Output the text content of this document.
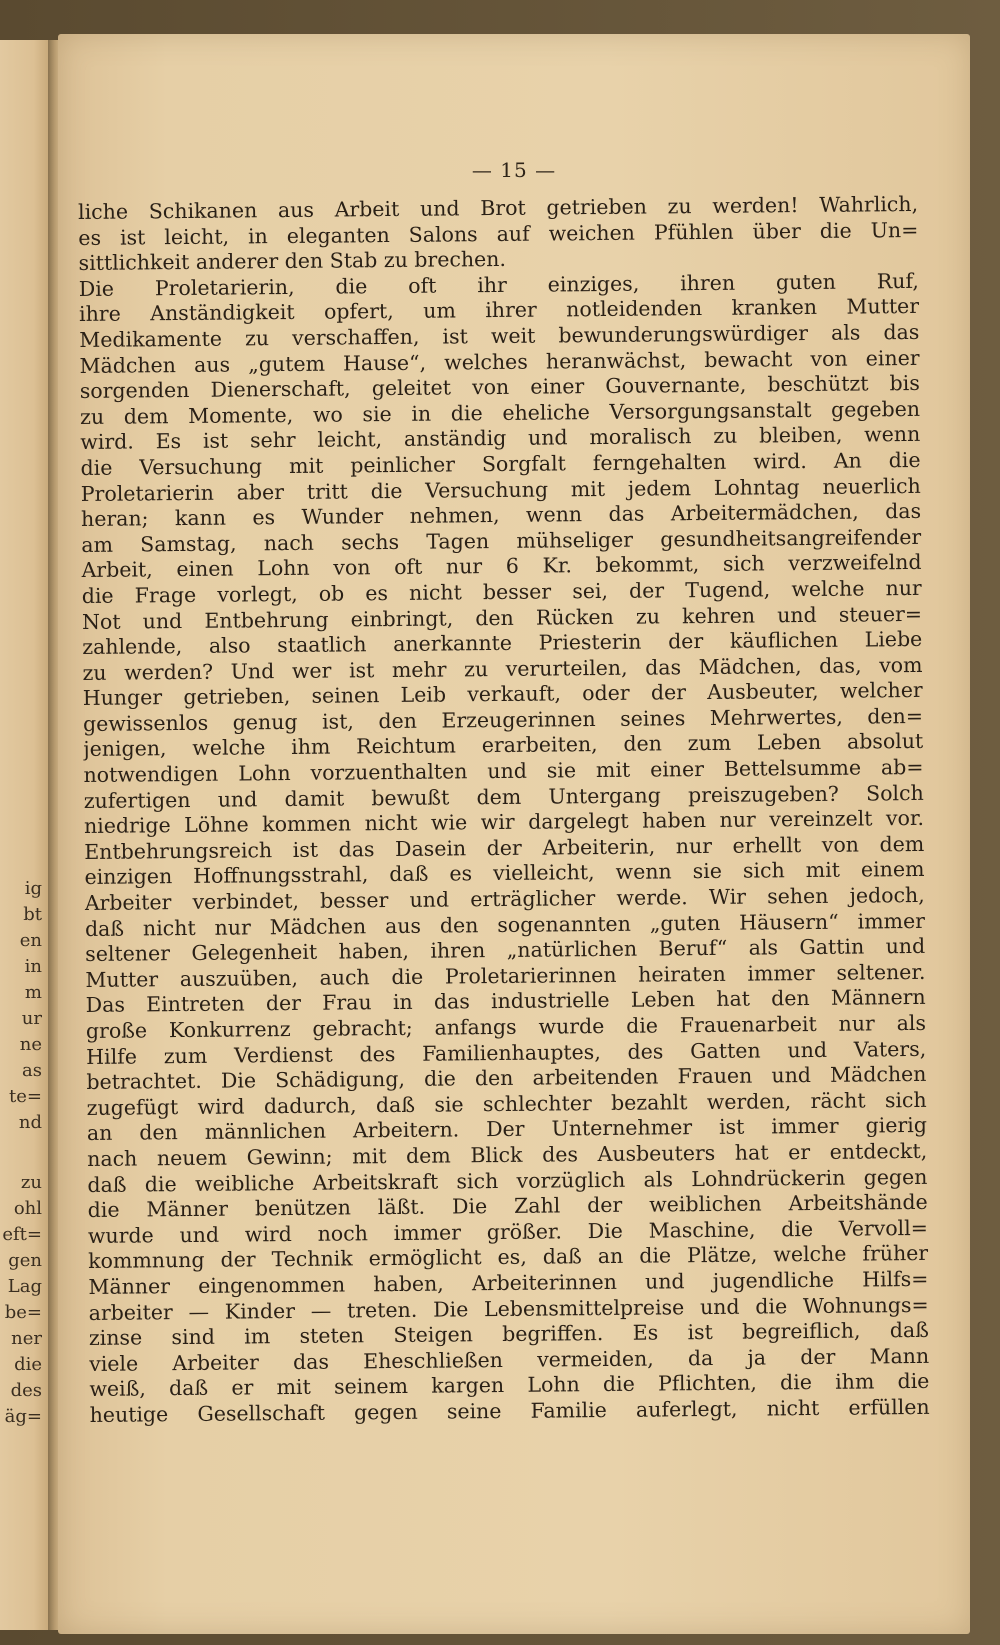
ig
bt
en
in
m
ur
ne
as
te=
nd
zu
ohl
eft=
gen
Lag
be=
ner
die
des
äg=
— 15 —
liche Schikanen aus Arbeit und Brot getrieben zu werden! Wahrlich,
es ist leicht, in eleganten Salons auf weichen Pfühlen über die Un=
sittlichkeit anderer den Stab zu brechen.
Die Proletarierin, die oft ihr einziges, ihren guten Ruf,
ihre Anständigkeit opfert, um ihrer notleidenden kranken Mutter
Medikamente zu verschaffen, ist weit bewunderungswürdiger als das
Mädchen aus „gutem Hause“, welches heranwächst, bewacht von einer
sorgenden Dienerschaft, geleitet von einer Gouvernante, beschützt bis
zu dem Momente, wo sie in die eheliche Versorgungsanstalt gegeben
wird. Es ist sehr leicht, anständig und moralisch zu bleiben, wenn
die Versuchung mit peinlicher Sorgfalt ferngehalten wird. An die
Proletarierin aber tritt die Versuchung mit jedem Lohntag neuerlich
heran; kann es Wunder nehmen, wenn das Arbeitermädchen, das
am Samstag, nach sechs Tagen mühseliger gesundheitsangreifender
Arbeit, einen Lohn von oft nur 6 Kr. bekommt, sich verzweifelnd
die Frage vorlegt, ob es nicht besser sei, der Tugend, welche nur
Not und Entbehrung einbringt, den Rücken zu kehren und steuer=
zahlende, also staatlich anerkannte Priesterin der käuflichen Liebe
zu werden? Und wer ist mehr zu verurteilen, das Mädchen, das, vom
Hunger getrieben, seinen Leib verkauft, oder der Ausbeuter, welcher
gewissenlos genug ist, den Erzeugerinnen seines Mehrwertes, den=
jenigen, welche ihm Reichtum erarbeiten, den zum Leben absolut
notwendigen Lohn vorzuenthalten und sie mit einer Bettelsumme ab=
zufertigen und damit bewußt dem Untergang preiszugeben? Solch
niedrige Löhne kommen nicht wie wir dargelegt haben nur vereinzelt vor.
Entbehrungsreich ist das Dasein der Arbeiterin, nur erhellt von dem
einzigen Hoffnungsstrahl, daß es vielleicht, wenn sie sich mit einem
Arbeiter verbindet, besser und erträglicher werde. Wir sehen jedoch,
daß nicht nur Mädchen aus den sogenannten „guten Häusern“ immer
seltener Gelegenheit haben, ihren „natürlichen Beruf“ als Gattin und
Mutter auszuüben, auch die Proletarierinnen heiraten immer seltener.
Das Eintreten der Frau in das industrielle Leben hat den Männern
große Konkurrenz gebracht; anfangs wurde die Frauenarbeit nur als
Hilfe zum Verdienst des Familienhauptes, des Gatten und Vaters,
betrachtet. Die Schädigung, die den arbeitenden Frauen und Mädchen
zugefügt wird dadurch, daß sie schlechter bezahlt werden, rächt sich
an den männlichen Arbeitern. Der Unternehmer ist immer gierig
nach neuem Gewinn; mit dem Blick des Ausbeuters hat er entdeckt,
daß die weibliche Arbeitskraft sich vorzüglich als Lohndrückerin gegen
die Männer benützen läßt. Die Zahl der weiblichen Arbeitshände
wurde und wird noch immer größer. Die Maschine, die Vervoll=
kommnung der Technik ermöglicht es, daß an die Plätze, welche früher
Männer eingenommen haben, Arbeiterinnen und jugendliche Hilfs=
arbeiter — Kinder — treten. Die Lebensmittelpreise und die Wohnungs=
zinse sind im steten Steigen begriffen. Es ist begreiflich, daß
viele Arbeiter das Eheschließen vermeiden, da ja der Mann
weiß, daß er mit seinem kargen Lohn die Pflichten, die ihm die
heutige Gesellschaft gegen seine Familie auferlegt, nicht erfüllen
